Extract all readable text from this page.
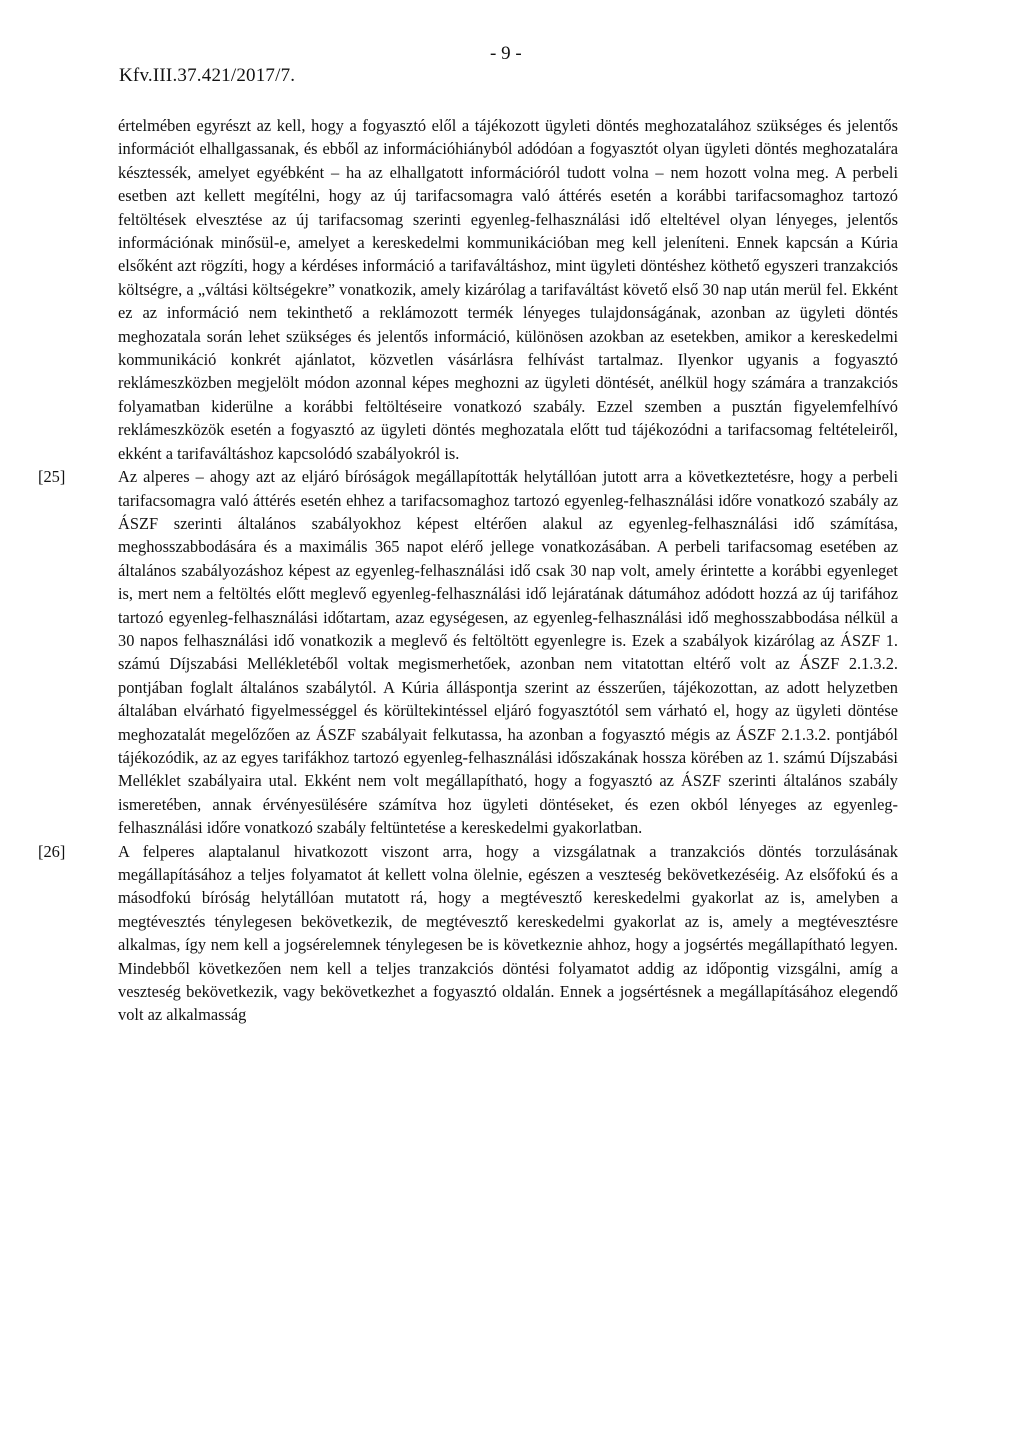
Kfv.III.37.421/2017/7.
- 9 -

értelmében egyrészt az kell, hogy a fogyasztó elől a tájékozott ügyleti döntés meghozatalához szükséges és jelentős információt elhallgassanak, és ebből az információhiányból adódóan a fogyasztót olyan ügyleti döntés meghozatalára késztessék, amelyet egyébként – ha az elhallgatott információról tudott volna – nem hozott volna meg. A perbeli esetben azt kellett megítélni, hogy az új tarifacsomagra való áttérés esetén a korábbi tarifacsomaghoz tartozó feltöltések elvesztése az új tarifacsomag szerinti egyenleg-felhasználási idő elteltével olyan lényeges, jelentős információnak minősül-e, amelyet a kereskedelmi kommunikációban meg kell jeleníteni. Ennek kapcsán a Kúria elsőként azt rögzíti, hogy a kérdéses információ a tarifaváltáshoz, mint ügyleti döntéshez köthető egyszeri tranzakciós költségre, a „váltási költségekre” vonatkozik, amely kizárólag a tarifaváltást követő első 30 nap után merül fel. Ekként ez az információ nem tekinthető a reklámozott termék lényeges tulajdonságának, azonban az ügyleti döntés meghozatala során lehet szükséges és jelentős információ, különösen azokban az esetekben, amikor a kereskedelmi kommunikáció konkrét ajánlatot, közvetlen vásárlásra felhívást tartalmaz. Ilyenkor ugyanis a fogyasztó reklámeszközben megjelölt módon azonnal képes meghozni az ügyleti döntését, anélkül hogy számára a tranzakciós folyamatban kiderülne a korábbi feltöltéseire vonatkozó szabály. Ezzel szemben a pusztán figyelemfelhívó reklámeszközök esetén a fogyasztó az ügyleti döntés meghozatala előtt tud tájékozódni a tarifacsomag feltételeiről, ekként a tarifaváltáshoz kapcsolódó szabályokról is.

[25]	Az alperes – ahogy azt az eljáró bíróságok megállapították helytállóan jutott arra a következtetésre, hogy a perbeli tarifacsomagra való áttérés esetén ehhez a tarifacsomaghoz tartozó egyenleg-felhasználási időre vonatkozó szabály az ÁSZF szerinti általános szabályokhoz képest eltérően alakul az egyenleg-felhasználási idő számítása, meghosszabbodására és a maximális 365 napot elérő jellege vonatkozásában. A perbeli tarifacsomag esetében az általános szabályozáshoz képest az egyenleg-felhasználási idő csak 30 nap volt, amely érintette a korábbi egyenleget is, mert nem a feltöltés előtt meglevő egyenleg-felhasználási idő lejáratának dátumához adódott hozzá az új tarifához tartozó egyenleg-felhasználási időtartam, azaz egységesen, az egyenleg-felhasználási idő meghosszabbodása nélkül a 30 napos felhasználási idő vonatkozik a meglevő és feltöltött egyenlegre is. Ezek a szabályok kizárólag az ÁSZF 1. számú Díjszabási Mellékletéből voltak megismerhetőek, azonban nem vitatottan eltérő volt az ÁSZF 2.1.3.2. pontjában foglalt általános szabálytól. A Kúria álláspontja szerint az ésszerűen, tájékozottan, az adott helyzetben általában elvárható figyelmességgel és körültekintéssel eljáró fogyasztótól sem várható el, hogy az ügyleti döntése meghozatalát megelőzően az ÁSZF szabályait felkutassa, ha azonban a fogyasztó mégis az ÁSZF 2.1.3.2. pontjából tájékozódik, az az egyes tarifákhoz tartozó egyenleg-felhasználási időszakának hossza körében az 1. számú Díjszabási Melléklet szabályaira utal. Ekként nem volt megállapítható, hogy a fogyasztó az ÁSZF szerinti általános szabály ismeretében, annak érvényesülésére számítva hoz ügyleti döntéseket, és ezen okból lényeges az egyenleg-felhasználási időre vonatkozó szabály feltüntetése a kereskedelmi gyakorlatban.

[26]	A felperes alaptalanul hivatkozott viszont arra, hogy a vizsgálatnak a tranzakciós döntés torzulásának megállapításához a teljes folyamatot át kellett volna ölelnie, egészen a veszteség bekövetkezéséig. Az elsőfokú és a másodfokú bíróság helytállóan mutatott rá, hogy a megtévesztő kereskedelmi gyakorlat az is, amelyben a megtévesztés ténylegesen bekövetkezik, de megtévesztő kereskedelmi gyakorlat az is, amely a megtévesztésre alkalmas, így nem kell a jogsérelemnek ténylegesen be is következnie ahhoz, hogy a jogsértés megállapítható legyen. Mindebből következően nem kell a teljes tranzakciós döntési folyamatot addig az időpontig vizsgálni, amíg a veszteség bekövetkezik, vagy bekövetkezhet a fogyasztó oldalán. Ennek a jogsértésnek a megállapításához elegendő volt az alkalmasság
